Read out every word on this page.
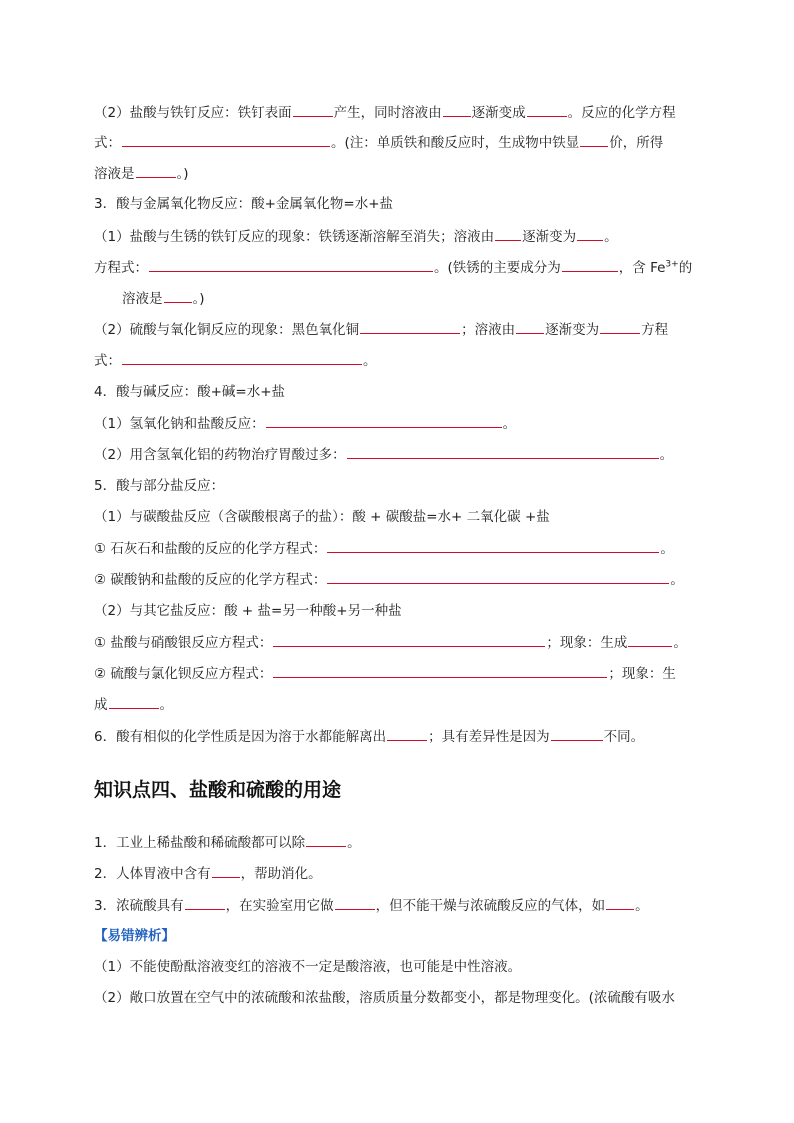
（2）盐酸与铁钉反应：铁钉表面	产生，同时溶液由 逐渐变成	。反应的化学方程
式：	。(注：单质铁和酸反应时，生成物中铁显 价，所得
溶液是	。)
3．酸与金属氧化物反应：酸+金属氧化物=水+盐
（1）盐酸与生锈的铁钉反应的现象：铁锈逐渐溶解至消失；溶液由 逐渐变为 。
方程式：	。(铁锈的主要成分为	，含 $Fe^{3+}$的
溶液是 。)
（2）硫酸与氧化铜反应的现象：黑色氧化铜	；溶液由 逐渐变为	方程
式：	。
4．酸与碱反应：酸+碱=水+盐
（1）氢氧化钠和盐酸反应：	。
（2）用含氢氧化铝的药物治疗胃酸过多：	。
5．酸与部分盐反应：
（1）与碳酸盐反应（含碳酸根离子的盐）：酸 + 碳酸盐=水+ 二氧化碳 +盐
① 石灰石和盐酸的反应的化学方程式：	。
② 碳酸钠和盐酸的反应的化学方程式：	。
（2）与其它盐反应：酸 + 盐=另一种酸+另一种盐
① 盐酸与硝酸银反应方程式：	；现象：生成	。
② 硫酸与氯化钡反应方程式：	；现象：生
成	。
6．酸有相似的化学性质是因为溶于水都能解离出	；具有差异性是因为	不同。
知识点四、盐酸和硫酸的用途
1．工业上稀盐酸和稀硫酸都可以除	。
2．人体胃液中含有 ，帮助消化。
3．浓硫酸具有	，在实验室用它做	，但不能干燥与浓硫酸反应的气体，如 。
【易错辨析】
（1）不能使酚酞溶液变红的溶液不一定是酸溶液，也可能是中性溶液。
（2）敞口放置在空气中的浓硫酸和浓盐酸，溶质质量分数都变小，都是物理变化。(浓硫酸有吸水
